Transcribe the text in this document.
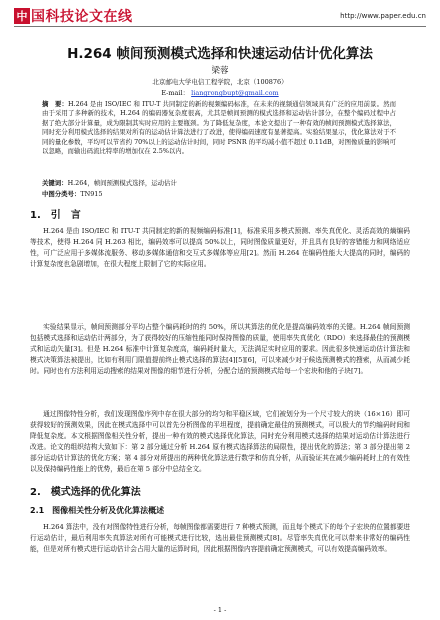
中 国科技论文在线	http://www.paper.edu.cn
H.264 帧间预测模式选择和快速运动估计优化算法
梁蓉
北京邮电大学电信工程学院，北京（100876）
E-mail： liangrongbupt@gmail.com
摘　要：H.264 是由 ISO/IEC 和 ITU-T 共同制定的新的视频编码标准，在未来的视频通信领域具有广泛的应用前景。然而由于采用了多种新的技术，H.264 的编码器复杂度很高，尤其是帧间预测的模式选择和运动估计部分，在整个编码过程中占据了绝大部分计算量，成为限制其实时应用的主要瓶颈。为了降低复杂度，本论文提出了一种有效的帧间预测模式选择算法，同时充分利用模式选择的结果对所有的运动估计算法进行了改进，使得编码速度有显著提高。实验结果显示，优化算法对于不同的量化参数，平均可以节省约 70%以上的运动估计时间，同时 PSNR 的平均减小值不超过 0.11dB，对图像质量的影响可以忽略，而输出码流比特率的增加仅在 2.5%以内。
关键词：H.264，帧间预测模式选择，运动估计
中图分类号：TN915
1.　引　言
H.264 是由 ISO/IEC 和 ITU-T 共同制定的新的视频编码标准[1]，标准采用多模式预测、率失真优化、灵活高效的熵编码等技术，使得 H.264 同 H.263 相比，编码效率可以提高 50%以上，同时图像质量更好，并且具有良好的容错能力和网络适应性，可广泛应用于多媒体流服务、移动多媒体通信和交互式多媒体等应用[2]。然而 H.264 在编码性能大大提高的同时，编码的计算复杂度也急剧增加，在很大程度上限制了它的实际应用。
实验结果显示，帧间预测部分平均占整个编码耗时的约 50%，所以其算法的优化是提高编码效率的关键。H.264 帧间预测包括模式选择和运动估计两部分，为了获得较好的压缩性能同时保持图像的质量，使用率失真优化（RDO）来选择最佳的预测模式和运动矢量[3]。但是 H.264 标准中计算复杂度高，编码耗时量大，无法满足实时应用的要求。因此很多快速运动估计算法和模式决策算法被提出，比如有利用门限值提前终止模式选择的算法[4][5][6]，可以来减少对于候选预测模式的搜索，从而减少耗时。同时也有方法利用运动搜索的结果对图像的细节进行分析，分配合适的预测模式给每一个宏块和他的子块[7]。
通过图像特性分析，我们发现图像序列中存在很大部分的均匀和平稳区域，它们被划分为一个尺寸较大的块（16×16）即可获得较好的预测效果，因此在模式选择中可以首先分析图像的平坦程度，提前确定最佳的预测模式，可以极大的节约编码时间和降低复杂度。本文根据图像相关性分析，提出一种有效的模式选择优化算法，同时充分利用模式选择的结果对运动估计算法进行改进。论文的组织结构大致如下：第 2 部分通过分析 H.264 原有模式选择算法的局限性，提出优化的算法；第 3 部分提出第 2 部分运动估计算法的优化方案；第 4 部分对所提出的两种优化算法进行数学和仿真分析，从而验证其在减少编码耗时上的有效性以及保持编码性能上的优势，最后在第 5 部分中总结全文。
2.　模式选择的优化算法
2.1　图像相关性分析及优化算法概述
H.264 算法中，没有对图像特性进行分析，每帧图像都需要进行 7 种模式预测，而且每个模式下的每个子宏块的位置都要进行运动估计，最后利用率失真算法对所有可能模式进行比较，选出最佳预测模式[8]。尽管率失真优化可以带来非常好的编码性能，但是对所有模式进行运动估计会占用大量的运算时间，因此根据图像内容提前确定预测模式，可以有效提高编码效率。
- 1 -
